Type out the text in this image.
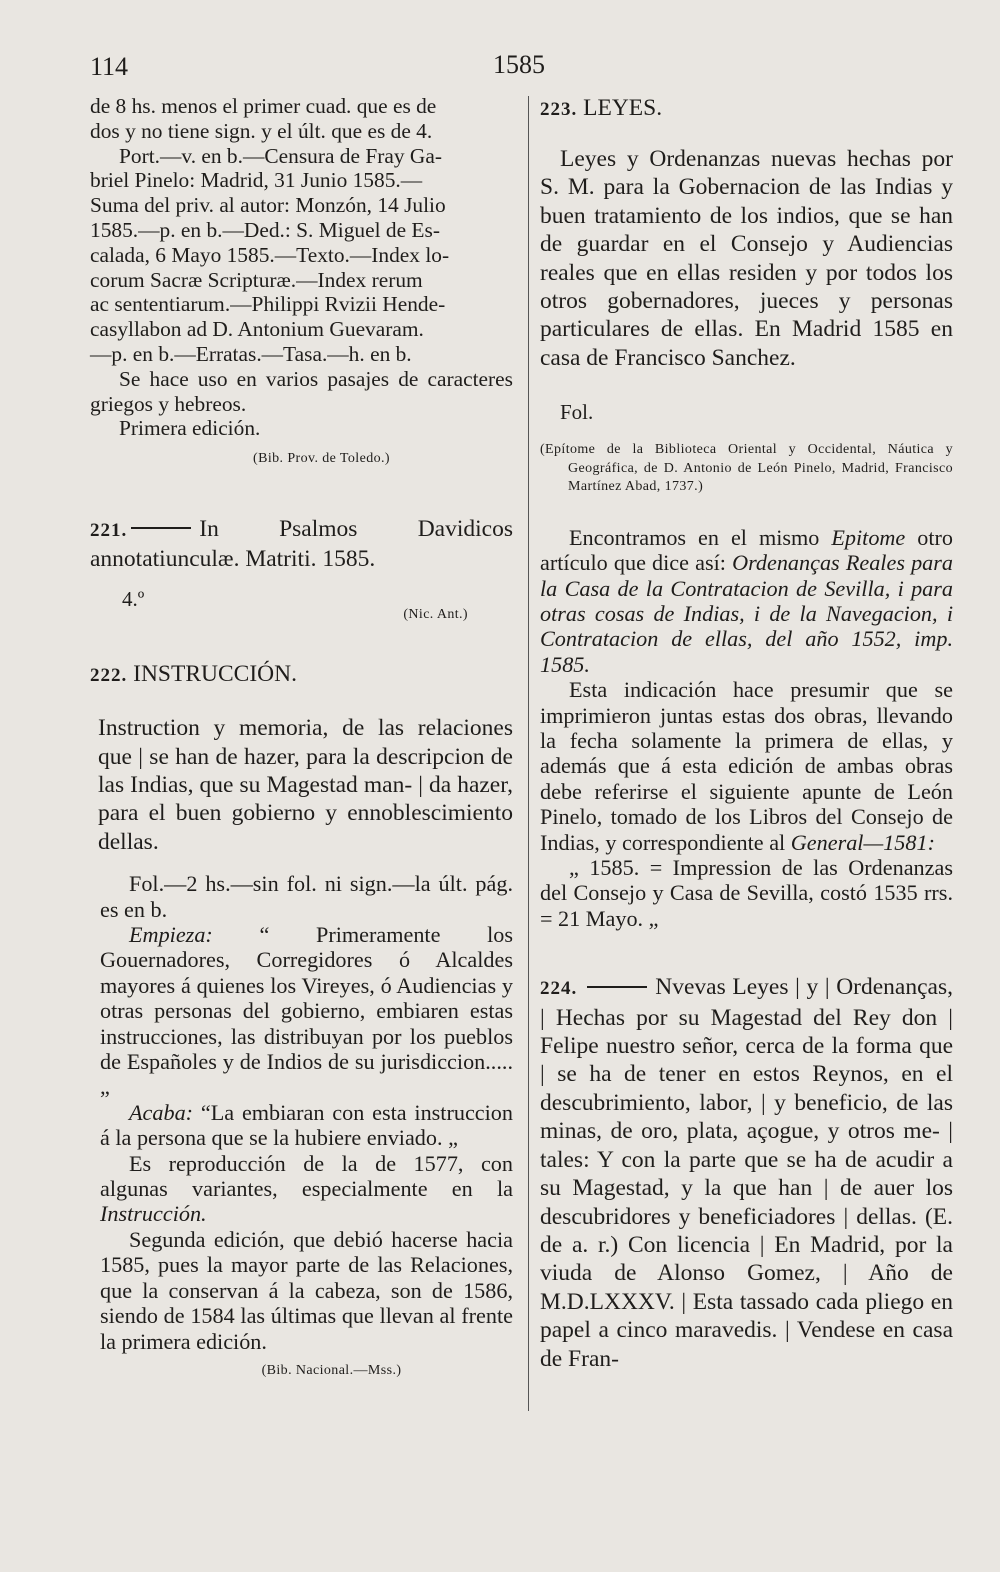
114	1585

de 8 hs. menos el primer cuad. que es de

dos y no tiene sign. y el últ. que es de 4.

Port.—v. en b.—Censura de Fray Ga-

briel Pinelo: Madrid, 31 Junio 1585.—

Suma del priv. al autor: Monzón, 14 Julio

1585.—p. en b.—Ded.: S. Miguel de Es-

calada, 6 Mayo 1585.—Texto.—Index lo-

corum Sacræ Scripturæ.—Index rerum

ac sententiarum.—Philippi Rvizii Hende-

casyllabon ad D. Antonium Guevaram.

—p. en b.—Erratas.—Tasa.—h. en b.

Se hace uso en varios pasajes de caracteres griegos y hebreos.

Primera edición.

(Bib. Prov. de Toledo.)

221.	In Psalmos Davidicos annotatiunculæ. Matriti. 1585.

4.º

(Nic. Ant.)

222. INSTRUCCIÓN.

Instruction y memoria, de las relaciones que | se han de hazer, para la descripcion de las Indias, que su Magestad man- | da hazer, para el buen gobierno y ennoblescimiento dellas.

Fol.—2 hs.—sin fol. ni sign.—la últ. pág. es en b.

Empieza: “ Primeramente los Gouernadores, Corregidores ó Alcaldes mayores á quienes los Vireyes, ó Audiencias y otras personas del gobierno, embiaren estas instrucciones, las distribuyan por los pueblos de Españoles y de Indios de su jurisdiccion..... „

Acaba: “La embiaran con esta instruccion á la persona que se la hubiere enviado. „

Es reproducción de la de 1577, con algunas variantes, especialmente en la Instrucción.

Segunda edición, que debió hacerse hacia 1585, pues la mayor parte de las Relaciones, que la conservan á la cabeza, son de 1586, siendo de 1584 las últimas que llevan al frente la primera edición.

(Bib. Nacional.—Mss.)

223. LEYES.

Leyes y Ordenanzas nuevas hechas por S. M. para la Gobernacion de las Indias y buen tratamiento de los indios, que se han de guardar en el Consejo y Audiencias reales que en ellas residen y por todos los otros gobernadores, jueces y personas particulares de ellas. En Madrid 1585 en casa de Francisco Sanchez.

Fol.

(Epítome de la Biblioteca Oriental y Occidental, Náutica y Geográfica, de D. Antonio de León Pinelo, Madrid, Francisco Martínez Abad, 1737.)

Encontramos en el mismo Epitome otro artículo que dice así: Ordenanças Reales para la Casa de la Contratacion de Sevilla, i para otras cosas de Indias, i de la Navegacion, i Contratacion de ellas, del año 1552, imp. 1585.

Esta indicación hace presumir que se imprimieron juntas estas dos obras, llevando la fecha solamente la primera de ellas, y además que á esta edición de ambas obras debe referirse el siguiente apunte de León Pinelo, tomado de los Libros del Consejo de Indias, y correspondiente al General—1581:

„ 1585. = Impression de las Ordenanzas del Consejo y Casa de Sevilla, costó 1535 rrs. = 21 Mayo. „

224.	Nvevas Leyes | y | Ordenanças, | Hechas por su Magestad del Rey don | Felipe nuestro señor, cerca de la forma que | se ha de tener en estos Reynos, en el descubrimiento, labor, | y beneficio, de las minas, de oro, plata, açogue, y otros me- | tales: Y con la parte que se ha de acudir a su Magestad, y la que han | de auer los descubridores y beneficiadores | dellas. (E. de a. r.) Con licencia | En Madrid, por la viuda de Alonso Gomez, | Año de M.D.LXXXV. | Esta tassado cada pliego en papel a cinco maravedis. | Vendese en casa de Fran-
